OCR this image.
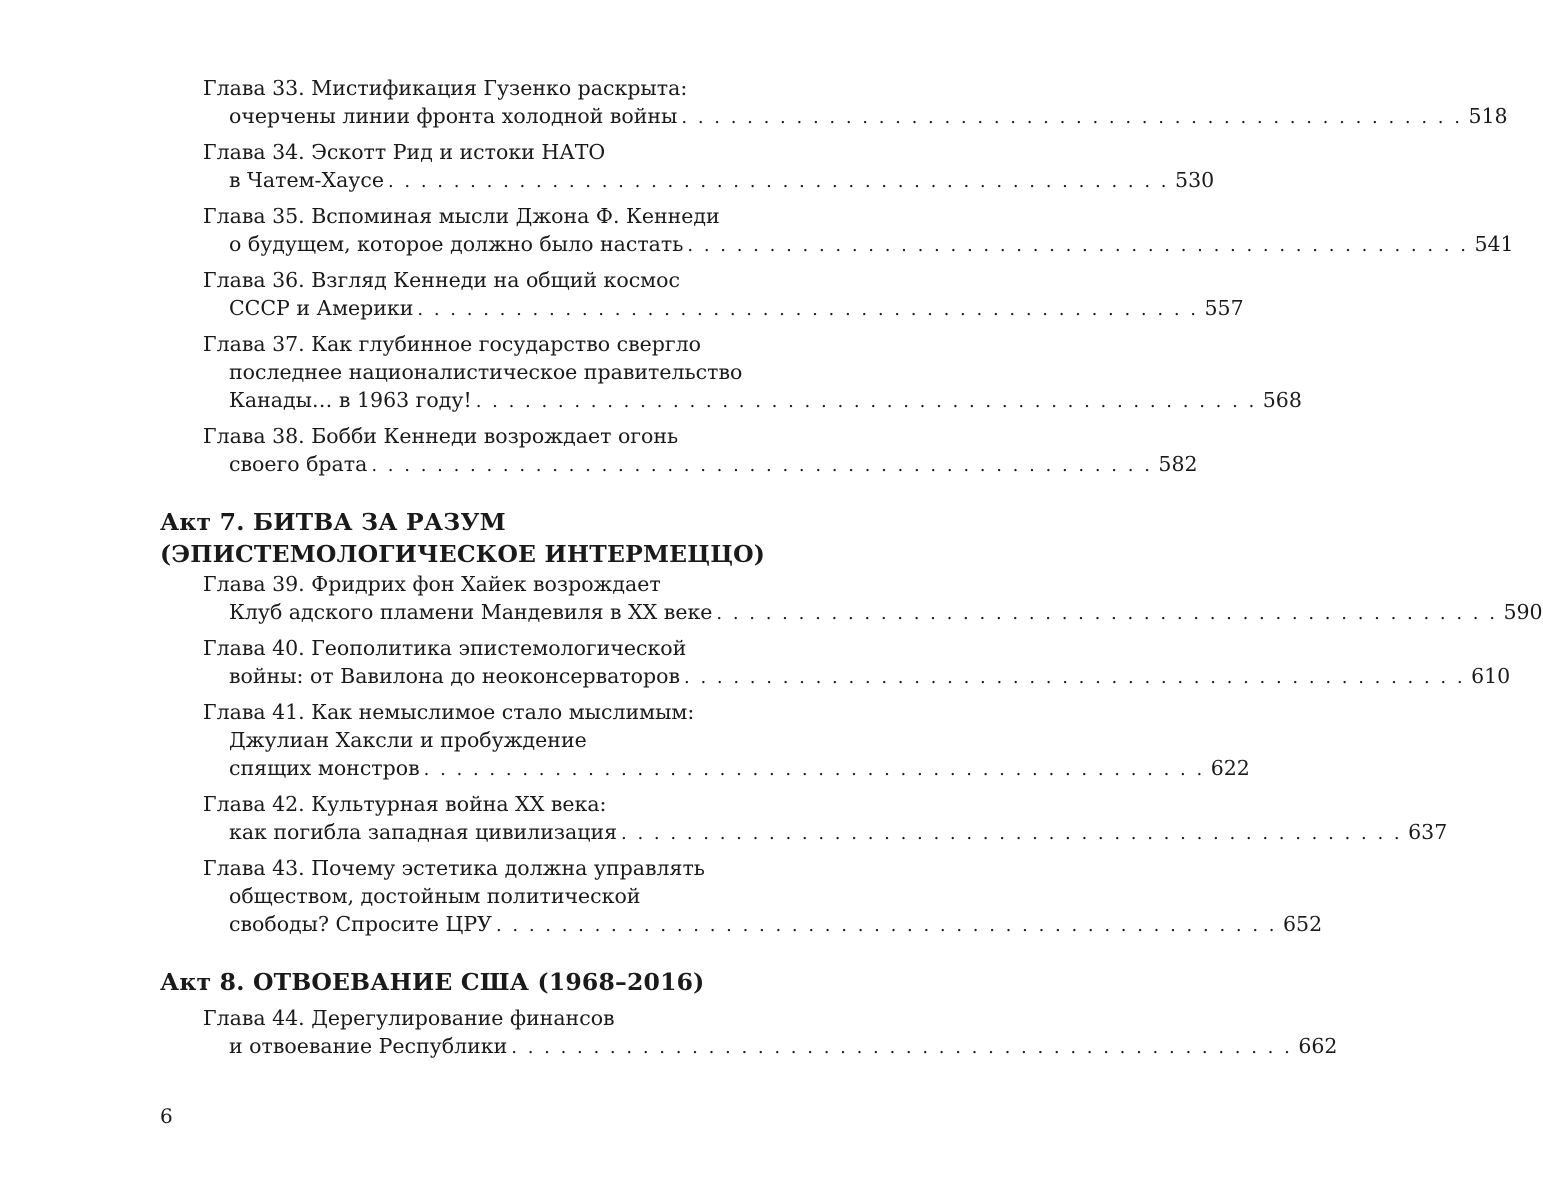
Глава 33. Мистификация Гузенко раскрыта:
очерчены линии фронта холодной войны . . . . . . . . . . . . . . . . . . . . . . . . . . . . . . . . . . . . . . . . . . . . . . . . 518
Глава 34. Эскотт Рид и истоки НАТО
в Чатем-Хаусе . . . . . . . . . . . . . . . . . . . . . . . . . . . . . . . . . . . . . . . . . . . . . . . . 530
Глава 35. Вспоминая мысли Джона Ф. Кеннеди
о будущем, которое должно было настать . . . . . . . . . . . . . . . . . . . . . . . . . . . . . . . . . . . . . . . . . . . . . . . . 541
Глава 36. Взгляд Кеннеди на общий космос
СССР и Америки . . . . . . . . . . . . . . . . . . . . . . . . . . . . . . . . . . . . . . . . . . . . . . . . 557
Глава 37. Как глубинное государство свергло
последнее националистическое правительство
Канады… в 1963 году! . . . . . . . . . . . . . . . . . . . . . . . . . . . . . . . . . . . . . . . . . . . . . . . . 568
Глава 38. Бобби Кеннеди возрождает огонь
своего брата . . . . . . . . . . . . . . . . . . . . . . . . . . . . . . . . . . . . . . . . . . . . . . . . 582
Акт 7. БИТВА ЗА РАЗУМ
(ЭПИСТЕМОЛОГИЧЕСКОЕ ИНТЕРМЕЦЦО)
Глава 39. Фридрих фон Хайек возрождает
Клуб адского пламени Мандевиля в XX веке . . . . . . . . . . . . . . . . . . . . . . . . . . . . . . . . . . . . . . . . . . . . . . . . 590
Глава 40. Геополитика эпистемологической
войны: от Вавилона до неоконсерваторов . . . . . . . . . . . . . . . . . . . . . . . . . . . . . . . . . . . . . . . . . . . . . . . . 610
Глава 41. Как немыслимое стало мыслимым:
Джулиан Хаксли и пробуждение
спящих монстров . . . . . . . . . . . . . . . . . . . . . . . . . . . . . . . . . . . . . . . . . . . . . . . . 622
Глава 42. Культурная война XX века:
как погибла западная цивилизация . . . . . . . . . . . . . . . . . . . . . . . . . . . . . . . . . . . . . . . . . . . . . . . . 637
Глава 43. Почему эстетика должна управлять
обществом, достойным политической
свободы? Спросите ЦРУ . . . . . . . . . . . . . . . . . . . . . . . . . . . . . . . . . . . . . . . . . . . . . . . . 652
Акт 8. ОТВОЕВАНИЕ США (1968–2016)
Глава 44. Дерегулирование финансов
и отвоевание Республики . . . . . . . . . . . . . . . . . . . . . . . . . . . . . . . . . . . . . . . . . . . . . . . . 662
6
